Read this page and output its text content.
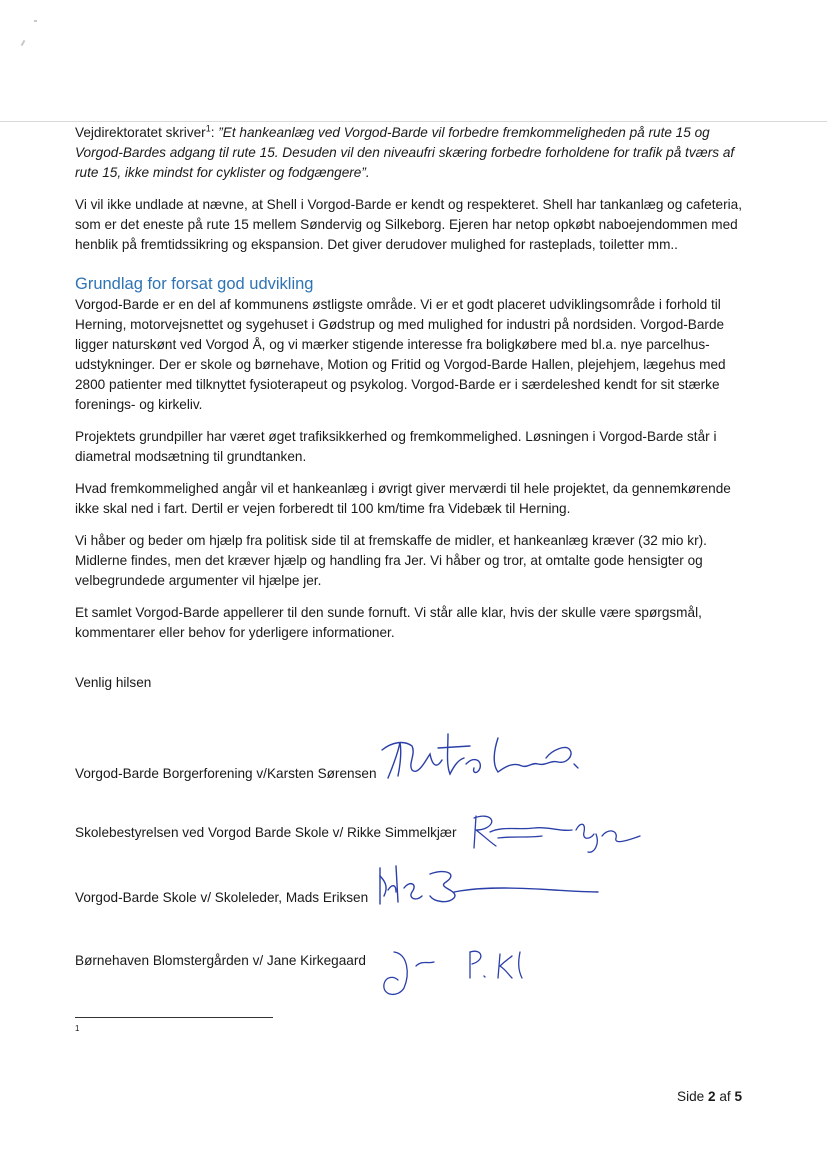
Vejdirektoratet skriver$^1$: ”Et hankeanlæg ved Vorgod-Barde vil forbedre fremkommeligheden på rute 15 og Vorgod-Bardes adgang til rute 15. Desuden vil den niveaufri skæring forbedre forholdene for trafik på tværs af rute 15, ikke mindst for cyklister og fodgængere”.

Vi vil ikke undlade at nævne, at Shell i Vorgod-Barde er kendt og respekteret. Shell har tankanlæg og cafeteria, som er det eneste på rute 15 mellem Søndervig og Silkeborg. Ejeren har netop opkøbt naboejendommen med henblik på fremtidssikring og ekspansion. Det giver derudover mulighed for rasteplads, toiletter mm..

Grundlag for forsat god udvikling

Vorgod-Barde er en del af kommunens østligste område. Vi er et godt placeret udviklingsområde i forhold til Herning, motorvejsnettet og sygehuset i Gødstrup og med mulighed for industri på nordsiden. Vorgod-Barde ligger naturskønt ved Vorgod Å, og vi mærker stigende interesse fra boligkøbere med bl.a. nye parcelhus-udstykninger. Der er skole og børnehave, Motion og Fritid og Vorgod-Barde Hallen, plejehjem, lægehus med 2800 patienter med tilknyttet fysioterapeut og psykolog. Vorgod-Barde er i særdeleshed kendt for sit stærke forenings- og kirkeliv.

Projektets grundpiller har været øget trafiksikkerhed og fremkommelighed. Løsningen i Vorgod-Barde står i diametral modsætning til grundtanken.

Hvad fremkommelighed angår vil et hankeanlæg i øvrigt giver merværdi til hele projektet, da gennemkørende ikke skal ned i fart. Dertil er vejen forberedt til 100 km/time fra Videbæk til Herning.

Vi håber og beder om hjælp fra politisk side til at fremskaffe de midler, et hankeanlæg kræver (32 mio kr). Midlerne findes, men det kræver hjælp og handling fra Jer. Vi håber og tror, at omtalte gode hensigter og velbegrundede argumenter vil hjælpe jer.

Et samlet Vorgod-Barde appellerer til den sunde fornuft. Vi står alle klar, hvis der skulle være spørgsmål, kommentarer eller behov for yderligere informationer.

Venlig hilsen

Vorgod-Barde Borgerforening v/Karsten Sørensen
Skolebestyrelsen ved Vorgod Barde Skole v/ Rikke Simmelkjær
Vorgod-Barde Skole v/ Skoleleder, Mads Eriksen
Børnehaven Blomstergården v/ Jane Kirkegaard
1
Side 2 af 5
